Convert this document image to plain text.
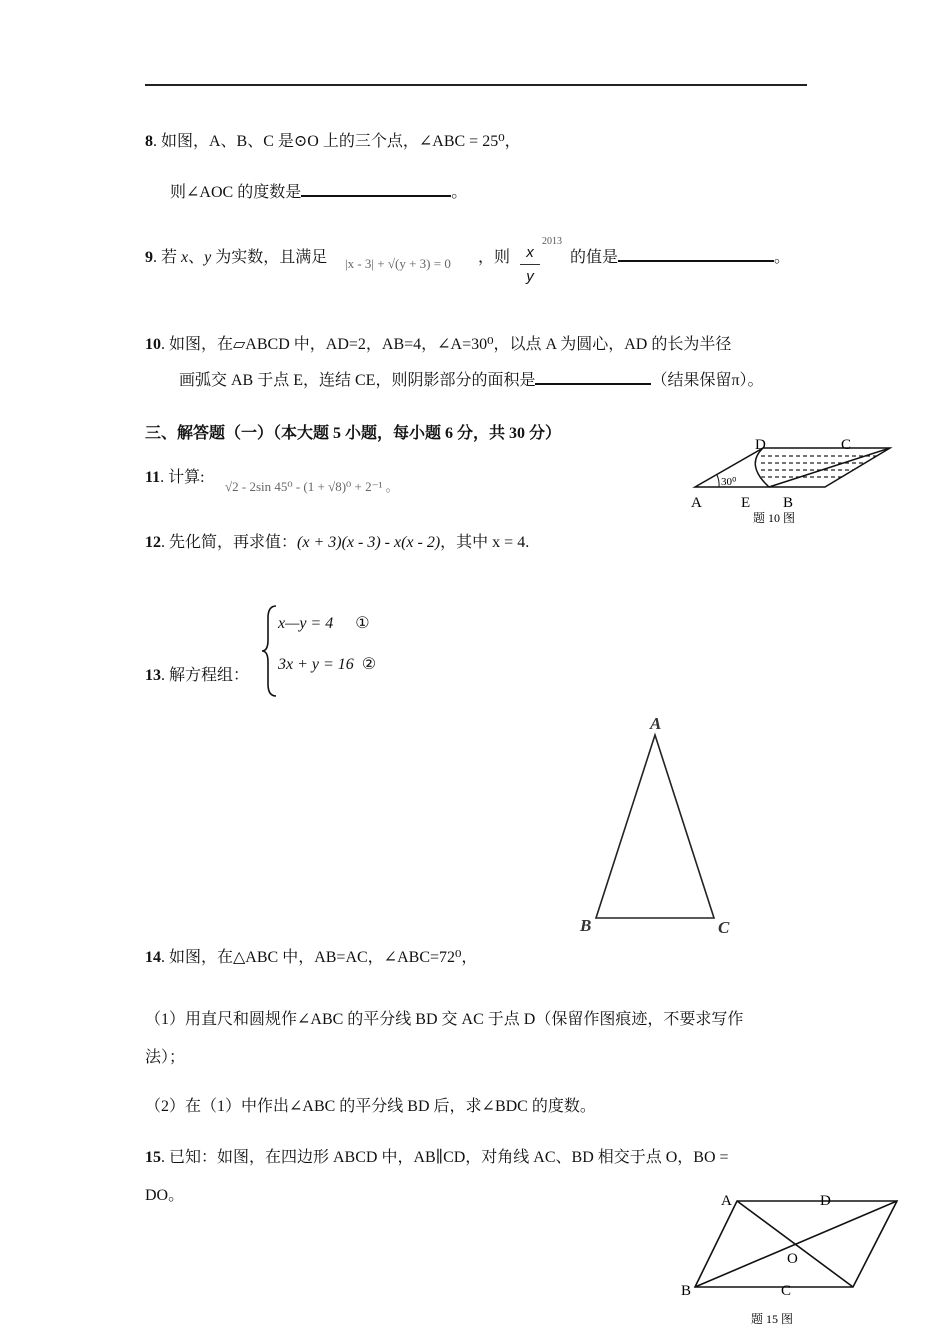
8. 如图，A、B、C 是⊙O 上的三个点，∠ABC = 25⁰，
则∠AOC 的度数是	。
9. 若 x、y 为实数，且满足 |x - 3| + √(y + 3) = 0 ，则	x
y
2013
的值是	。
10. 如图，在▱ABCD 中，AD=2，AB=4，∠A=30⁰，以点 A 为圆心，AD 的长为半径
画弧交 AB 于点 E，连结 CE，则阴影部分的面积是	（结果保留π）。
三、解答题（一）（本大题 5 小题，每小题 6 分，共 30 分）
D	C
A	E B
30⁰
题 10 图
11. 计算:
√2 - 2sin 45⁰ - (1 + √8)⁰ + 2⁻¹ 。
12. 先化简，再求值：(x + 3)(x - 3) - x(x - 2)，其中 x = 4.
13. 解方程组：
x—y = 4 ①
3x + y = 16 ②
A
B	C
14. 如图，在△ABC 中，AB=AC，∠ABC=72⁰，
（1）用直尺和圆规作∠ABC 的平分线 BD 交 AC 于点 D（保留作图痕迹，不要求写作
法）；
（2）在（1）中作出∠ABC 的平分线 BD 后，求∠BDC 的度数。
15. 已知：如图，在四边形 ABCD 中，AB∥CD，对角线 AC、BD 相交于点 O，BO =
DO。	A	D
O
B	C
题 15 图
